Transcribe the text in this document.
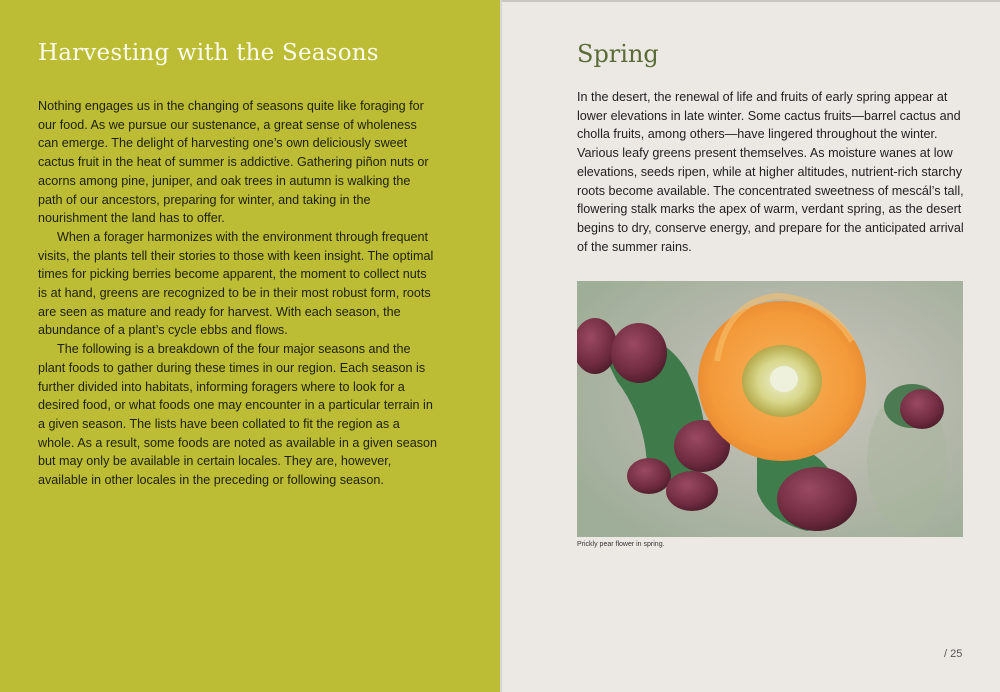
Harvesting with the Seasons

Nothing engages us in the changing of seasons quite like foraging for our food. As we pursue our sustenance, a great sense of wholeness can emerge. The delight of harvesting one’s own deliciously sweet cactus fruit in the heat of summer is addictive. Gathering piñon nuts or acorns among pine, juniper, and oak trees in autumn is walking the path of our ancestors, preparing for winter, and taking in the nourishment the land has to offer.

When a forager harmonizes with the environment through frequent visits, the plants tell their stories to those with keen insight. The optimal times for picking berries become apparent, the moment to collect nuts is at hand, greens are recognized to be in their most robust form, roots are seen as mature and ready for harvest. With each season, the abundance of a plant’s cycle ebbs and flows.

The following is a breakdown of the four major seasons and the plant foods to gather during these times in our region. Each season is further divided into habitats, informing foragers where to look for a desired food, or what foods one may encounter in a particular terrain in a given season. The lists have been collated to fit the region as a whole. As a result, some foods are noted as available in a given season but may only be available in certain locales. They are, however, available in other locales in the preceding or following season.

Spring

In the desert, the renewal of life and fruits of early spring appear at lower elevations in late winter. Some cactus fruits—barrel cactus and cholla fruits, among others—have lingered throughout the winter. Various leafy greens present themselves. As moisture wanes at low elevations, seeds ripen, while at higher altitudes, nutrient-rich starchy roots become available. The concentrated sweetness of mescál’s tall, flowering stalk marks the apex of warm, verdant spring, as the desert begins to dry, conserve energy, and prepare for the anticipated arrival of the summer rains.

Prickly pear flower in spring.
/ 25
